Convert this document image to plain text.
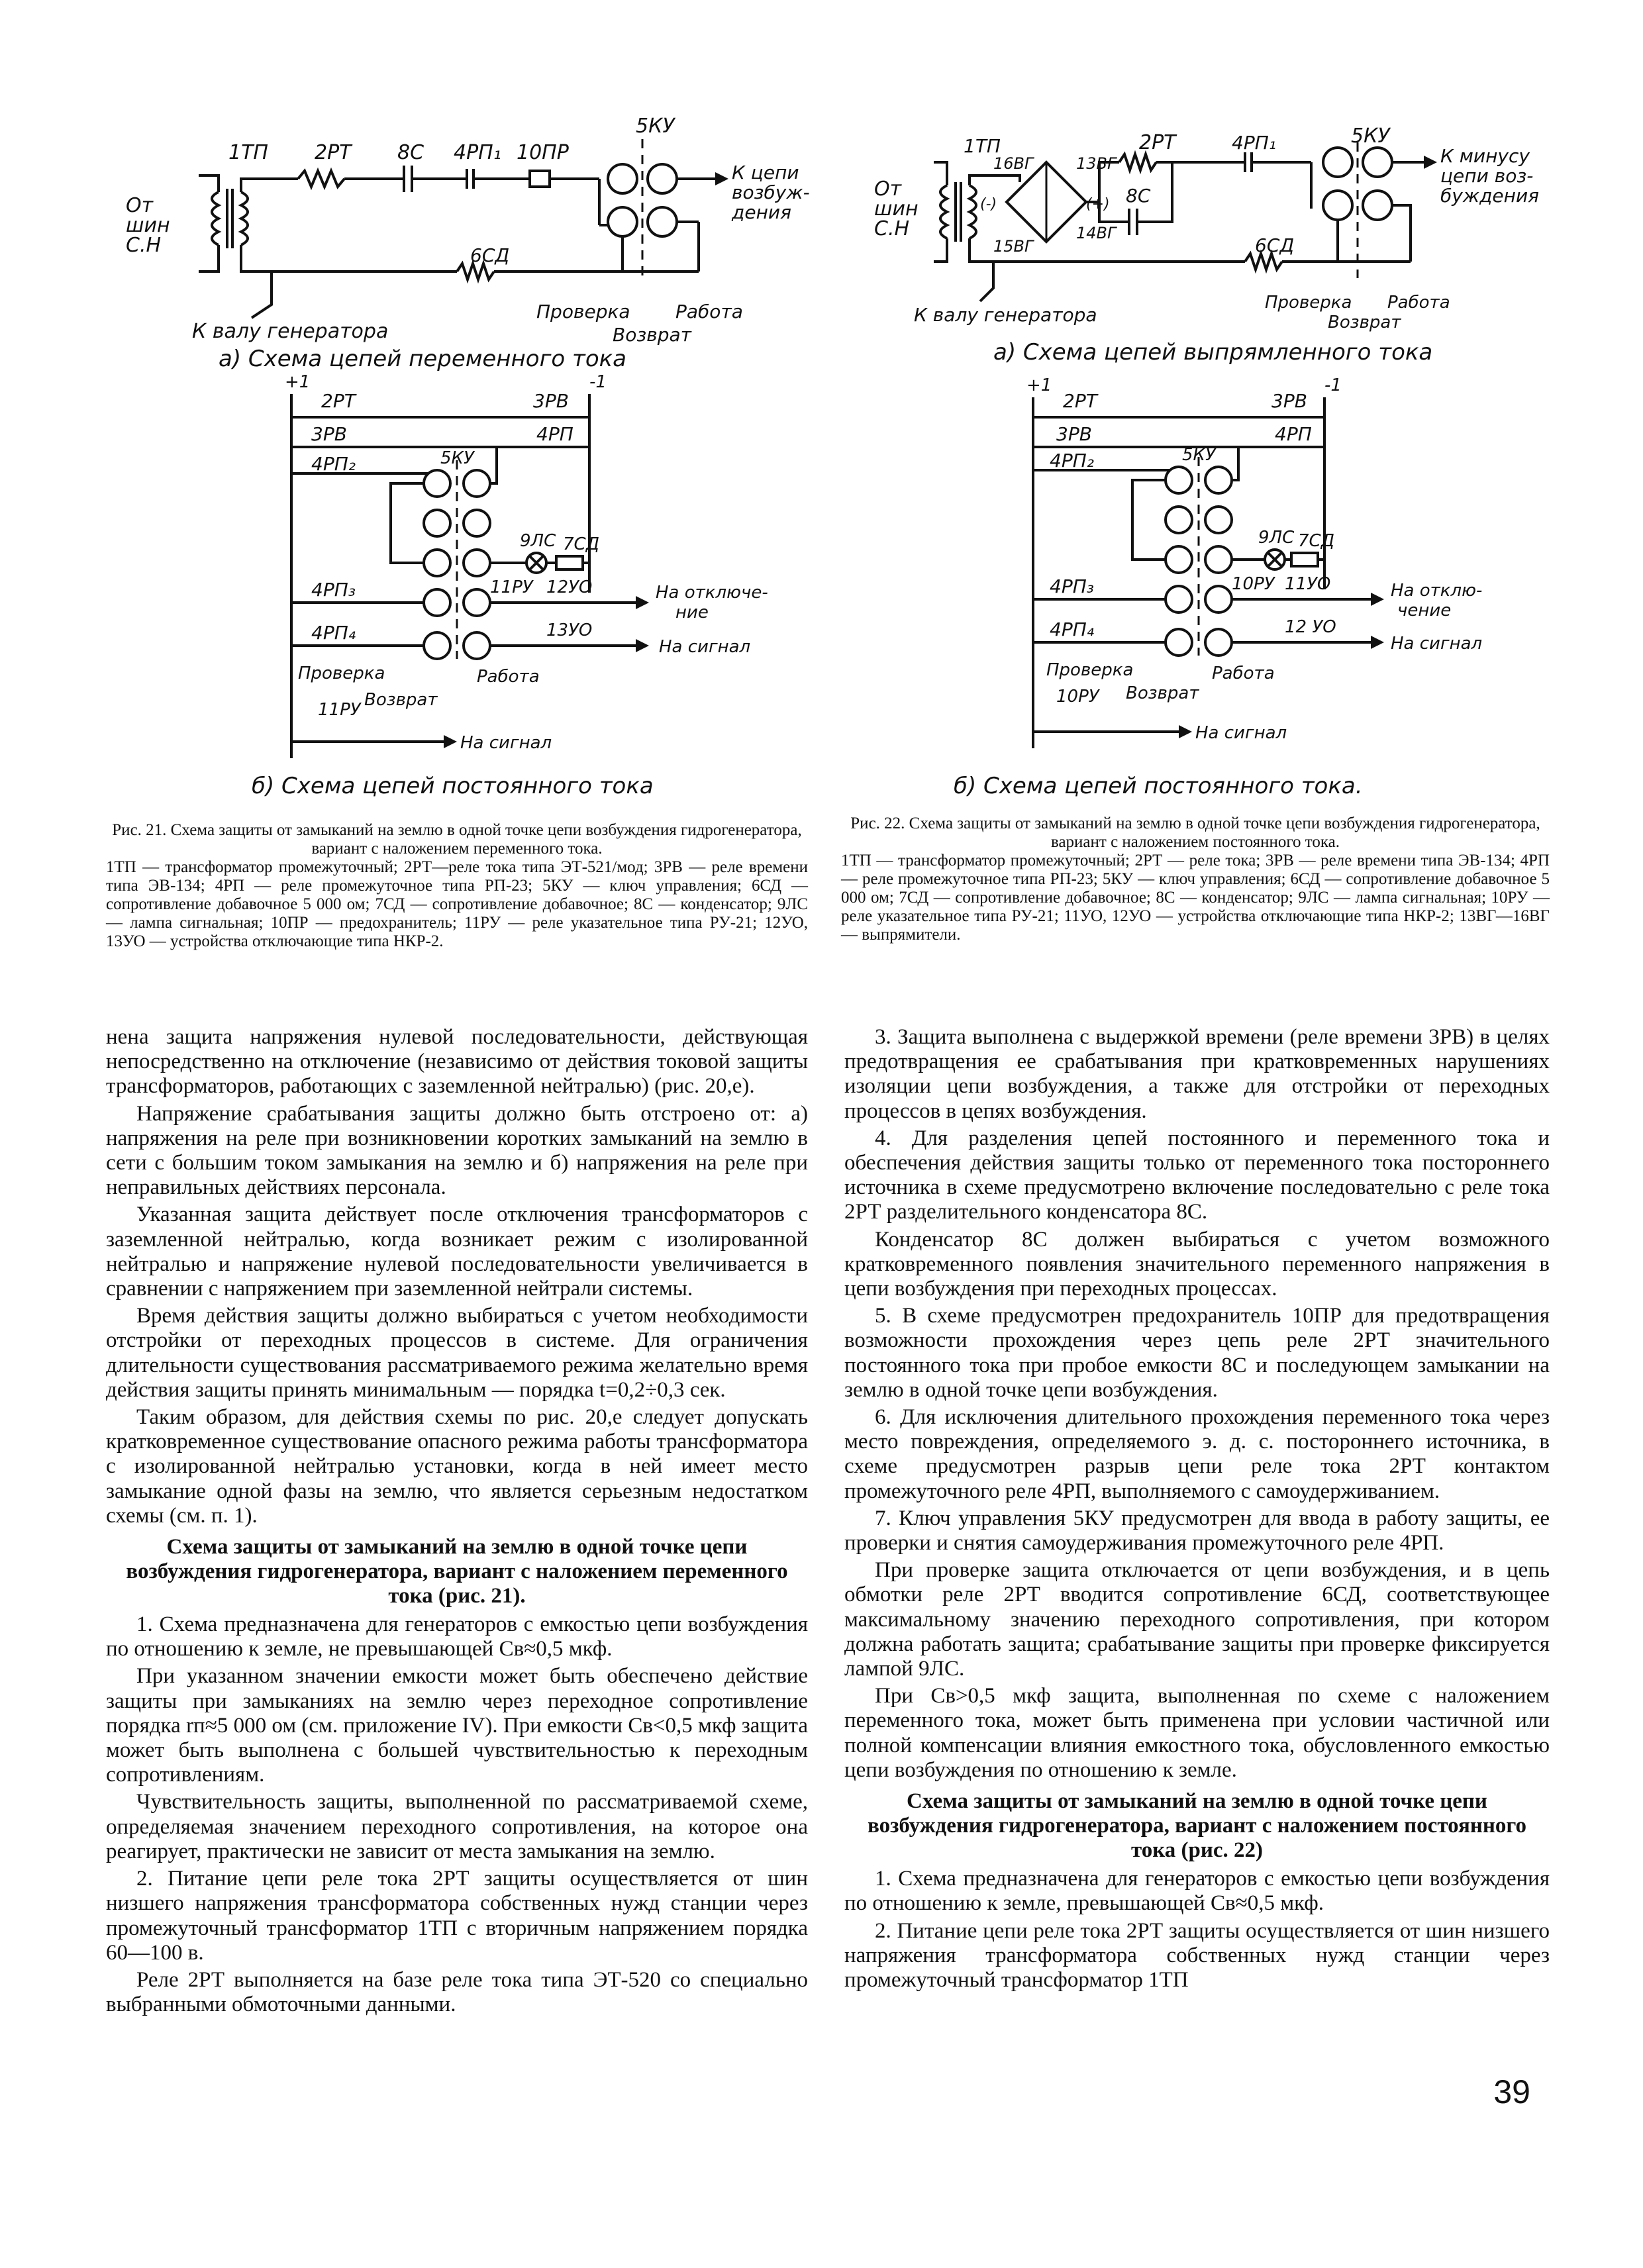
От
шин
С.Н
1ТП 2РТ 8С 4РП₁ 10ПР
5КУ
К цепи
возбуж-
дения
6СД
К валу генератора
Проверка Работа
Возврат
а) Схема цепей переменного тока
+1	-1
2РТ	3РВ
3РВ	4РП
4РП₂	5КУ
9ЛС 7СД
4РП₃	11РУ 12УО	На отключе-
ние
4РП₄	13УО
На сигнал
Проверка	Работа
Возврат
11РУ
На сигнал
б) Схема цепей постоянного тока
Рис. 21. Схема защиты от замыканий на землю в одной точке цепи возбуждения гидрогенератора, вариант с наложением переменного тока.
1ТП — трансформатор промежуточный; 2РТ—реле тока типа ЭТ-521/мод; 3РВ — реле времени типа ЭВ-134; 4РП — реле промежуточное типа РП-23; 5КУ — ключ управления; 6СД — сопротивление добавочное 5 000 ом; 7СД — сопротивление добавочное; 8С — конденсатор; 9ЛС — лампа сигнальная; 10ПР — предохранитель; 11РУ — реле указательное типа РУ-21; 12УО, 13УО — устройства отключающие типа НКР-2.
От
шин
С.Н
1ТП
16ВГ	13ВГ
15ВГ
14ВГ
(-)	(+)
2РТ
8С
4РП₁	5КУ
К минусу
цепи воз-
буждения
6СД
К валу генератора
Проверка Работа
Возврат
а) Схема цепей выпрямленного тока
+1	-1
2РТ	3РВ
3РВ	4РП
4РП₂	5КУ
9ЛС 7СД
4РП₃	10РУ 11УО	На отклю-
чение
4РП₄	12 УО
На сигнал
Проверка	Работа
Возврат
10РУ
На сигнал
б) Схема цепей постоянного тока.
Рис. 22. Схема защиты от замыканий на землю в одной точке цепи возбуждения гидрогенератора, вариант с наложением постоянного тока.
1ТП — трансформатор промежуточный; 2РТ — реле тока; 3РВ — реле времени типа ЭВ-134; 4РП — реле промежуточное типа РП-23; 5КУ — ключ управления; 6СД — сопротивление добавочное 5 000 ом; 7СД — сопротивление добавочное; 8С — конденсатор; 9ЛС — лампа сигнальная; 10РУ — реле указательное типа РУ-21; 11УО, 12УО — устройства отключающие типа НКР-2; 13ВГ—16ВГ — выпрямители.

нена защита напряжения нулевой последовательности, действующая непосредственно на отключение (независимо от действия токовой защиты трансформаторов, работающих с заземленной нейтралью) (рис. 20,е).

Напряжение срабатывания защиты должно быть отстроено от: а) напряжения на реле при возникновении коротких замыканий на землю в сети с большим током замыкания на землю и б) напряжения на реле при неправильных действиях персонала.

Указанная защита действует после отключения трансформаторов с заземленной нейтралью, когда возникает режим с изолированной нейтралью и напряжение нулевой последовательности увеличивается в сравнении с напряжением при заземленной нейтрали системы.

Время действия защиты должно выбираться с учетом необходимости отстройки от переходных процессов в системе. Для ограничения длительности существования рассматриваемого режима желательно время действия защиты принять минимальным — порядка t=0,2÷0,3 сек.

Таким образом, для действия схемы по рис. 20,е следует допускать кратковременное существование опасного режима работы трансформатора с изолированной нейтралью установки, когда в ней имеет место замыкание одной фазы на землю, что является серьезным недостатком схемы (см. п. 1).

Схема защиты от замыканий на землю в одной точке цепи возбуждения гидрогенератора, вариант с наложением переменного тока (рис. 21).

1. Схема предназначена для генераторов с емкостью цепи возбуждения по отношению к земле, не превышающей Cв≈0,5 мкф.

При указанном значении емкости может быть обеспечено действие защиты при замыканиях на землю через переходное сопротивление порядка rп≈5 000 ом (см. приложение IV). При емкости Cв<0,5 мкф защита может быть выполнена с большей чувствительностью к переходным сопротивлениям.

Чувствительность защиты, выполненной по рассматриваемой схеме, определяемая значением переходного сопротивления, на которое она реагирует, практически не зависит от места замыкания на землю.

2. Питание цепи реле тока 2РТ защиты осуществляется от шин низшего напряжения трансформатора собственных нужд станции через промежуточный трансформатор 1ТП с вторичным напряжением порядка 60—100 в.

Реле 2РТ выполняется на базе реле тока типа ЭТ-520 со специально выбранными обмоточными данными.

3. Защита выполнена с выдержкой времени (реле времени 3РВ) в целях предотвращения ее срабатывания при кратковременных нарушениях изоляции цепи возбуждения, а также для отстройки от переходных процессов в цепях возбуждения.

4. Для разделения цепей постоянного и переменного тока и обеспечения действия защиты только от переменного тока постороннего источника в схеме предусмотрено включение последовательно с реле тока 2РТ разделительного конденсатора 8С.

Конденсатор 8С должен выбираться с учетом возможного кратковременного появления значительного переменного напряжения в цепи возбуждения при переходных процессах.

5. В схеме предусмотрен предохранитель 10ПР для предотвращения возможности прохождения через цепь реле 2РТ значительного постоянного тока при пробое емкости 8С и последующем замыкании на землю в одной точке цепи возбуждения.

6. Для исключения длительного прохождения переменного тока через место повреждения, определяемого э. д. с. постороннего источника, в схеме предусмотрен разрыв цепи реле тока 2РТ контактом промежуточного реле 4РП, выполняемого с самоудерживанием.

7. Ключ управления 5КУ предусмотрен для ввода в работу защиты, ее проверки и снятия самоудерживания промежуточного реле 4РП.

При проверке защита отключается от цепи возбуждения, и в цепь обмотки реле 2РТ вводится сопротивление 6СД, соответствующее максимальному значению переходного сопротивления, при котором должна работать защита; срабатывание защиты при проверке фиксируется лампой 9ЛС.

При Cв>0,5 мкф защита, выполненная по схеме с наложением переменного тока, может быть применена при условии частичной или полной компенсации влияния емкостного тока, обусловленного емкостью цепи возбуждения по отношению к земле.

Схема защиты от замыканий на землю в одной точке цепи возбуждения гидрогенератора, вариант с наложением постоянного тока (рис. 22)

1. Схема предназначена для генераторов с емкостью цепи возбуждения по отношению к земле, превышающей Cв≈0,5 мкф.

2. Питание цепи реле тока 2РТ защиты осуществляется от шин низшего напряжения трансформатора собственных нужд станции через промежуточный трансформатор 1ТП

39
